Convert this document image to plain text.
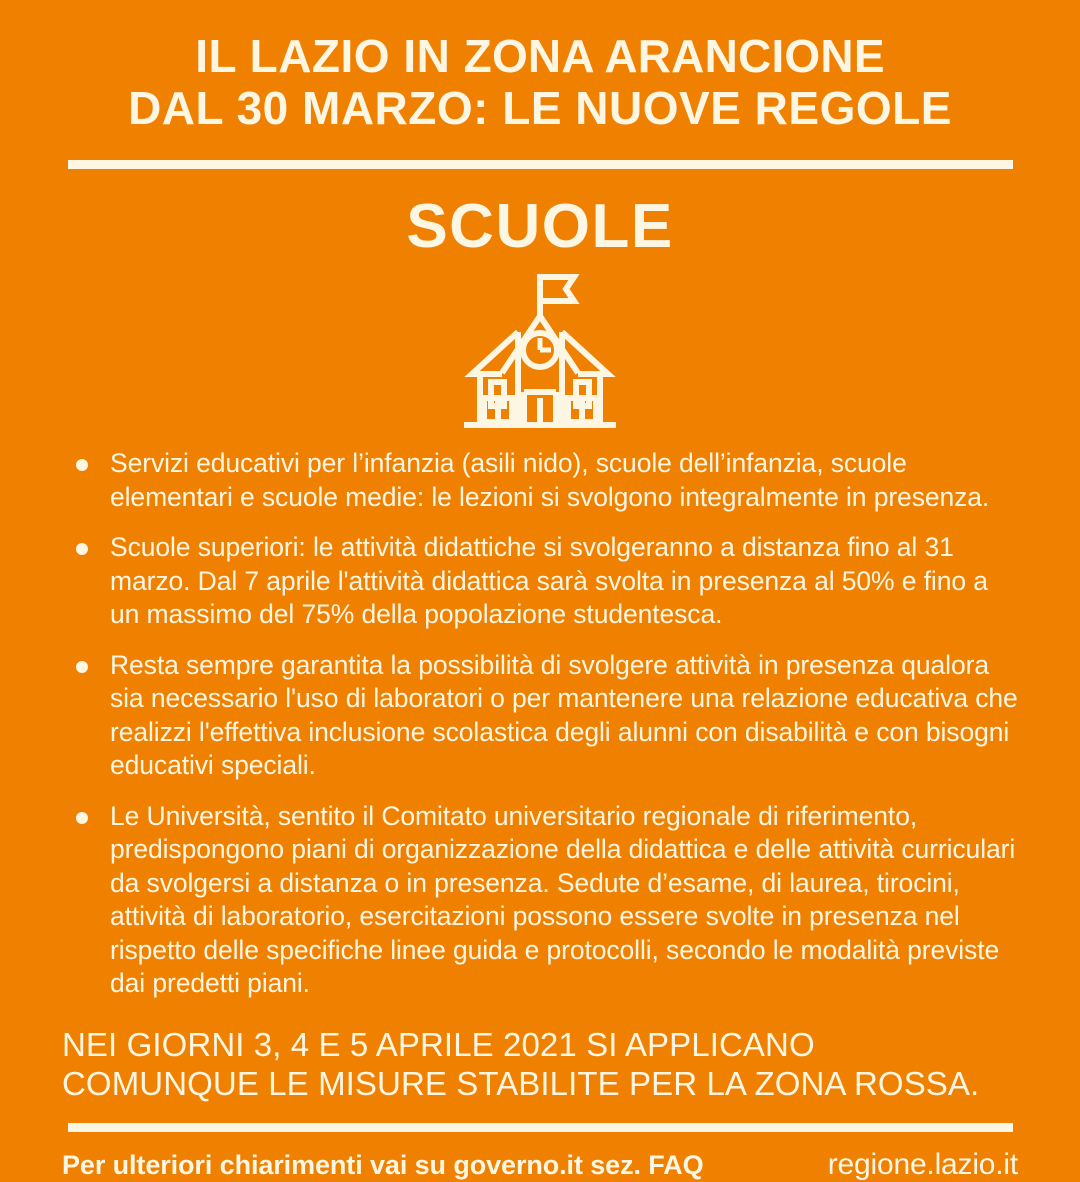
IL LAZIO IN ZONA ARANCIONE
DAL 30 MARZO: LE NUOVE REGOLE
SCUOLE
Servizi educativi per l’infanzia (asili nido), scuole dell’infanzia, scuole elementari e scuole medie: le lezioni si svolgono integralmente in presenza.
Scuole superiori: le attività didattiche si svolgeranno a distanza fino al 31 marzo. Dal 7 aprile l'attività didattica sarà svolta in presenza al 50% e fino a un massimo del 75% della popolazione studentesca.
Resta sempre garantita la possibilità di svolgere attività in presenza qualora sia necessario l'uso di laboratori o per mantenere una relazione educativa che realizzi l'effettiva inclusione scolastica degli alunni con disabilità e con bisogni educativi speciali.
Le Università, sentito il Comitato universitario regionale di riferimento, predispongono piani di organizzazione della didattica e delle attività curriculari da svolgersi a distanza o in presenza. Sedute d’esame, di laurea, tirocini, attività di laboratorio, esercitazioni possono essere svolte in presenza nel rispetto delle specifiche linee guida e protocolli, secondo le modalità previste dai predetti piani.
NEI GIORNI 3, 4 E 5 APRILE 2021 SI APPLICANO COMUNQUE LE MISURE STABILITE PER LA ZONA ROSSA.
Per ulteriori chiarimenti vai su governo.it sez. FAQ	regione.lazio.it
